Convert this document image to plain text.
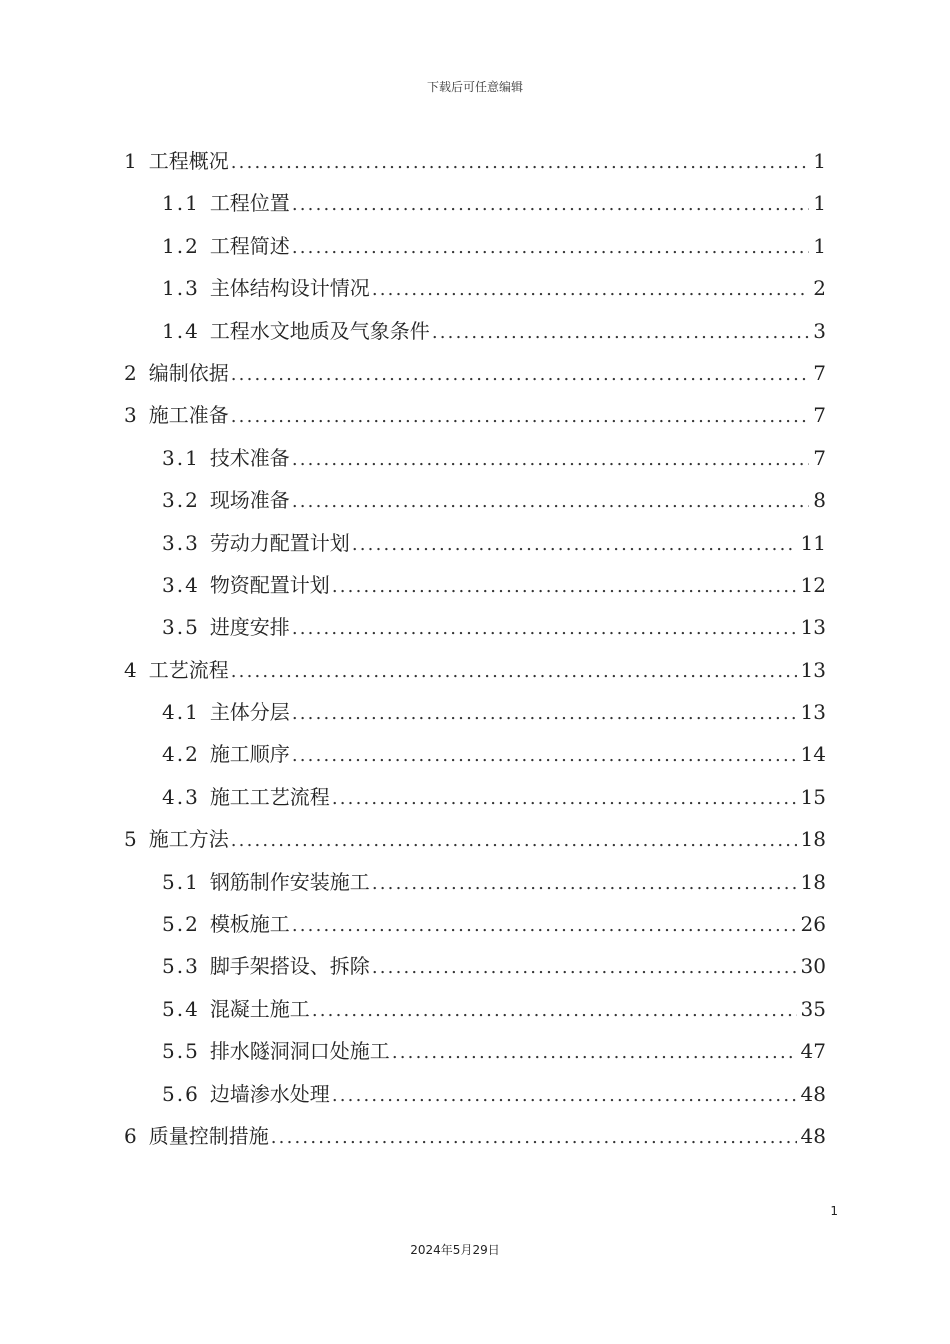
下载后可任意编辑
1 工程概况 .....	1
1.1 工程位置 .....	1
1.2 工程简述 .....	1
1.3 主体结构设计情况 .....	2
1.4 工程水文地质及气象条件 .....	3
2 编制依据 .....	7
3 施工准备 .....	7
3.1 技术准备 .....	7
3.2 现场准备 .....	8
3.3 劳动力配置计划 .....	11
3.4 物资配置计划 .....	12
3.5 进度安排 .....	13
4 工艺流程 .....	13
4.1 主体分层 .....	13
4.2 施工顺序 .....	14
4.3 施工工艺流程 .....	15
5 施工方法 .....	18
5.1 钢筋制作安装施工 .....	18
5.2 模板施工 .....	26
5.3 脚手架搭设、拆除 .....	30
5.4 混凝土施工 .....	35
5.5 排水隧洞洞口处施工 .....	47
5.6 边墙渗水处理 .....	48
6 质量控制措施 .....	48
1
2024年5月29日
